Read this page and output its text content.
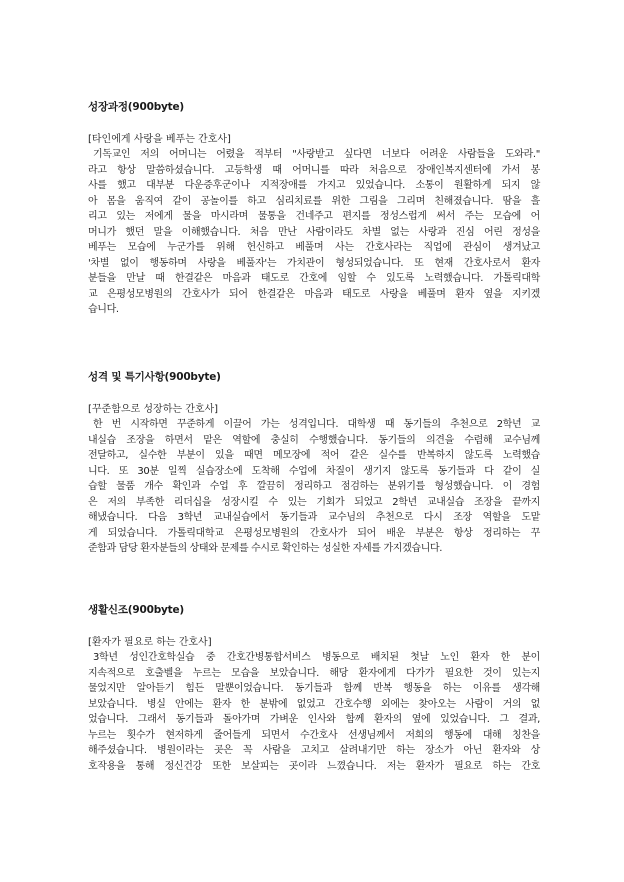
성장과정(900byte)
[타인에게 사랑을 베푸는 간호사]
기독교인 저의 어머니는 어렸을 적부터 "사랑받고 싶다면 너보다 어려운 사람들을 도와라."
라고 항상 말씀하셨습니다. 고등학생 때 어머니를 따라 처음으로 장애인복지센터에 가서 봉
사를 했고 대부분 다운증후군이나 지적장애를 가지고 있었습니다. 소통이 원활하게 되지 않
아 몸을 움직여 같이 공놀이를 하고 심리치료를 위한 그림을 그리며 친해졌습니다. 땀을 흘
리고 있는 저에게 물을 마시라며 물통을 건네주고 편지를 정성스럽게 써서 주는 모습에 어
머니가 했던 말을 이해했습니다. 처음 만난 사람이라도 차별 없는 사랑과 진심 어린 정성을
베푸는 모습에 누군가를 위해 헌신하고 베풀며 사는 간호사라는 직업에 관심이 생겨났고
'차별 없이 행동하며 사랑을 베풀자'는 가치관이 형성되었습니다. 또 현재 간호사로서 환자
분들을 만날 때 한결같은 마음과 태도로 간호에 임할 수 있도록 노력했습니다. 가톨릭대학
교 은평성모병원의 간호사가 되어 한결같은 마음과 태도로 사랑을 베풀며 환자 옆을 지키겠
습니다.
성격 및 특기사항(900byte)
[꾸준함으로 성장하는 간호사]
한 번 시작하면 꾸준하게 이끌어 가는 성격입니다. 대학생 때 동기들의 추천으로 2학년 교
내실습 조장을 하면서 맡은 역할에 충실히 수행했습니다. 동기들의 의견을 수렴해 교수님께
전달하고, 실수한 부분이 있을 때면 메모장에 적어 같은 실수를 반복하지 않도록 노력했습
니다. 또 30분 일찍 실습장소에 도착해 수업에 차질이 생기지 않도록 동기들과 다 같이 실
습할 물품 개수 확인과 수업 후 깔끔히 정리하고 점검하는 분위기를 형성했습니다. 이 경험
은 저의 부족한 리더십을 성장시킬 수 있는 기회가 되었고 2학년 교내실습 조장을 끝까지
해냈습니다. 다음 3학년 교내실습에서 동기들과 교수님의 추천으로 다시 조장 역할을 도맡
게 되었습니다. 가톨릭대학교 은평성모병원의 간호사가 되어 배운 부분은 항상 정리하는 꾸
준함과 담당 환자분들의 상태와 문제를 수시로 확인하는 성실한 자세를 가지겠습니다.
생활신조(900byte)
[환자가 필요로 하는 간호사]
3학년 성인간호학실습 중 간호간병통합서비스 병동으로 배치된 첫날 노인 환자 한 분이
지속적으로 호출벨을 누르는 모습을 보았습니다. 해당 환자에게 다가가 필요한 것이 있는지
물었지만 알아듣기 힘든 말뿐이었습니다. 동기들과 함께 반복 행동을 하는 이유를 생각해
보았습니다. 병실 안에는 환자 한 분밖에 없었고 간호수행 외에는 찾아오는 사람이 거의 없
었습니다. 그래서 동기들과 돌아가며 가벼운 인사와 함께 환자의 옆에 있었습니다. 그 결과,
누르는 횟수가 현저하게 줄어들게 되면서 수간호사 선생님께서 저희의 행동에 대해 칭찬을
해주셨습니다. 병원이라는 곳은 꼭 사람을 고치고 살려내기만 하는 장소가 아닌 환자와 상
호작용을 통해 정신건강 또한 보살피는 곳이라 느꼈습니다. 저는 환자가 필요로 하는 간호
